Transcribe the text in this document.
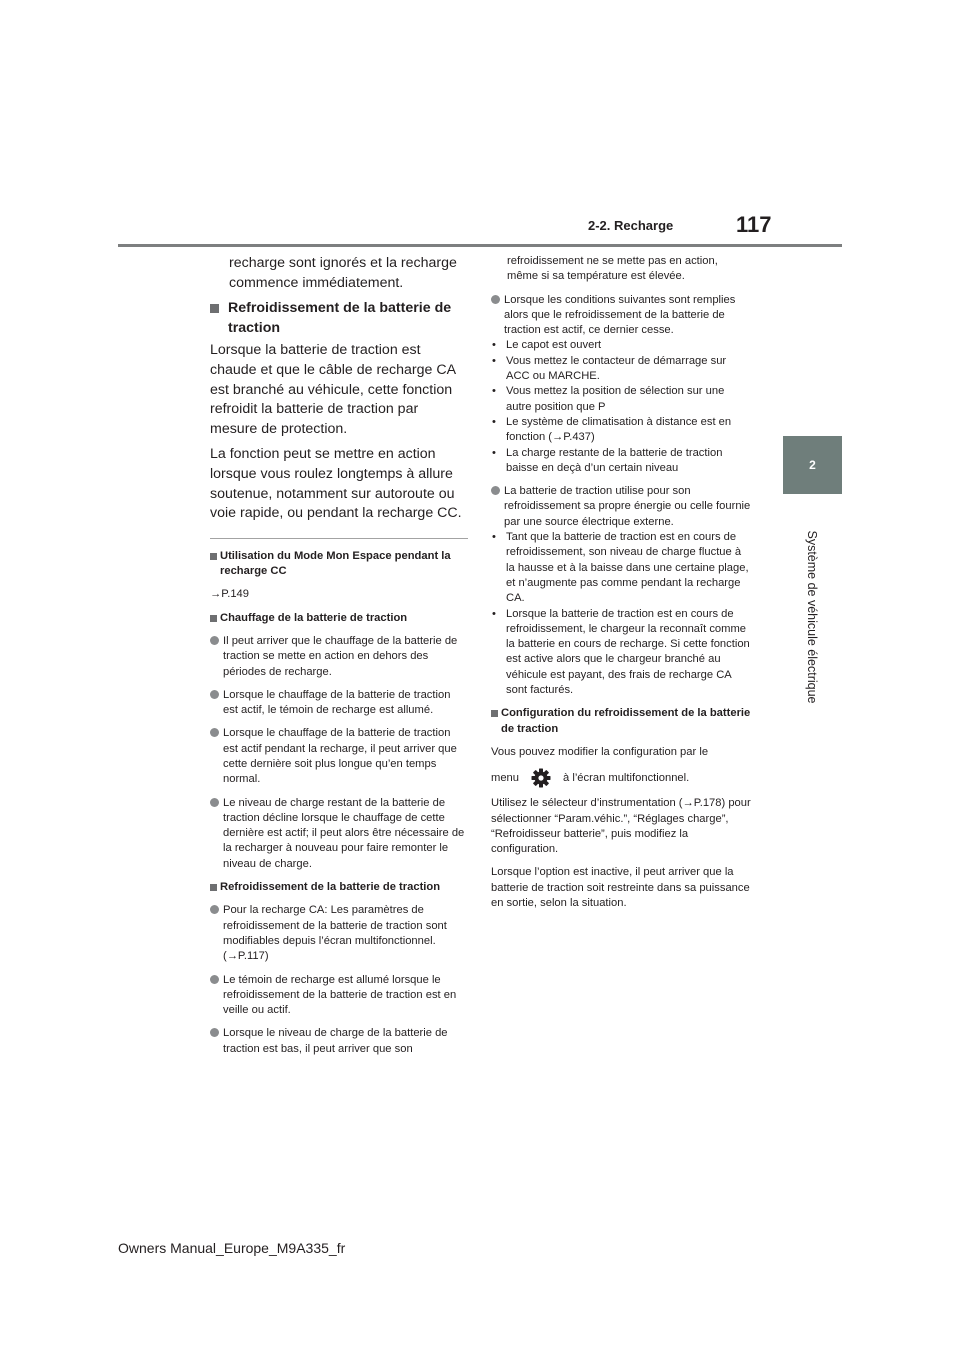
2-2. Recharge	117
2
Système de véhicule électrique
recharge sont ignorés et la recharge
commence immédiatement.
Refroidissement de la batterie de traction

Lorsque la batterie de traction est chaude et que le câble de recharge CA est branché au véhicule, cette fonction refroidit la batterie de traction par mesure de protection.

La fonction peut se mettre en action lorsque vous roulez longtemps à allure soutenue, notamment sur autoroute ou voie rapide, ou pendant la recharge CC.

Utilisation du Mode Mon Espace pendant la recharge CC

→P.149

Chauffage de la batterie de traction
Il peut arriver que le chauffage de la batterie de traction se mette en action en dehors des périodes de recharge.
Lorsque le chauffage de la batterie de traction est actif, le témoin de recharge est allumé.
Lorsque le chauffage de la batterie de traction est actif pendant la recharge, il peut arriver que cette dernière soit plus longue qu’en temps normal.
Le niveau de charge restant de la batterie de traction décline lorsque le chauffage de cette dernière est actif; il peut alors être nécessaire de la recharger à nouveau pour faire remonter le niveau de charge.
Refroidissement de la batterie de traction
Pour la recharge CA: Les paramètres de refroidissement de la batterie de traction sont modifiables depuis l’écran multifonctionnel. (→P.117)
Le témoin de recharge est allumé lorsque le refroidissement de la batterie de traction est en veille ou actif.
Lorsque le niveau de charge de la batterie de traction est bas, il peut arriver que son

refroidissement ne se mette pas en action, même si sa température est élevée.

Lorsque les conditions suivantes sont remplies alors que le refroidissement de la batterie de traction est actif, ce dernier cesse.
• Le capot est ouvert
• Vous mettez le contacteur de démarrage sur ACC ou MARCHE.
• Vous mettez la position de sélection sur une autre position que P
• Le système de climatisation à distance est en fonction (→P.437)
• La charge restante de la batterie de traction baisse en deçà d’un certain niveau
La batterie de traction utilise pour son refroidissement sa propre énergie ou celle fournie par une source électrique externe.
• Tant que la batterie de traction est en cours de refroidissement, son niveau de charge fluctue à la hausse et à la baisse dans une certaine plage, et n’augmente pas comme pendant la recharge CA.
• Lorsque la batterie de traction est en cours de refroidissement, le chargeur la reconnaît comme la batterie en cours de recharge. Si cette fonction est active alors que le chargeur branché au véhicule est payant, des frais de recharge CA sont facturés.
Configuration du refroidissement de la batterie de traction

Vous pouvez modifier la configuration par le

menu	à l’écran multifonctionnel.

Utilisez le sélecteur d’instrumentation (→P.178) pour sélectionner “Param.véhic.”, “Réglages charge”, “Refroidisseur batterie”, puis modifiez la configuration.

Lorsque l’option est inactive, il peut arriver que la batterie de traction soit restreinte dans sa puissance en sortie, selon la situation.

Owners Manual_Europe_M9A335_fr
